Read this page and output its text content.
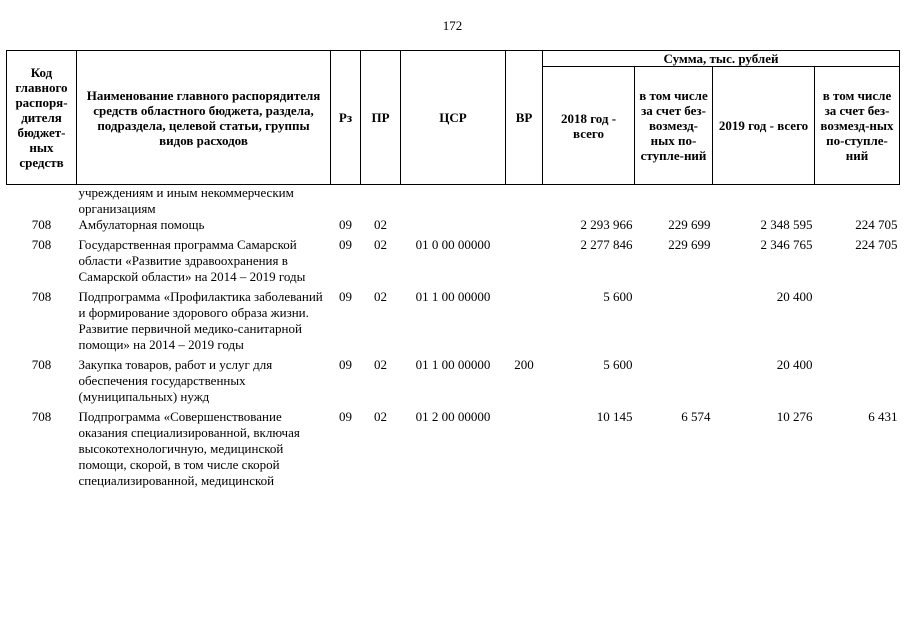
172
Код главного распоря-дителя бюджет-ных средств	Наименование главного распорядителя средств областного бюджета, раздела, подраздела, целевой статьи, группы видов расходов	Рз	ПР	ЦСР	ВР	Сумма, тыс. рублей			
						2018 год - всего	в том числе за счет без-возмезд-ных по-ступле-ний	2019 год - всего	в том числе за счет без-возмезд-ных по-ступле-ний
	учреждениям и иным некоммерческим организациям								
708	Амбулаторная помощь	09	02			2 293 966	229 699	2 348 595	224 705
708	Государственная программа Самарской области «Развитие здравоохранения в Самарской области» на 2014 – 2019 годы	09	02	01 0 00 00000		2 277 846	229 699	2 346 765	224 705
708	Подпрограмма «Профилактика заболеваний и формирование здорового образа жизни. Развитие первичной медико-санитарной помощи» на 2014 – 2019 годы	09	02	01 1 00 00000		5 600		20 400	
708	Закупка товаров, работ и услуг для обеспечения государственных (муниципальных) нужд	09	02	01 1 00 00000	200	5 600		20 400	
708	Подпрограмма «Совершенствование оказания специализированной, включая высокотехнологичную, медицинской помощи, скорой, в том числе скорой специализированной, медицинской	09	02	01 2 00 00000		10 145	6 574	10 276	6 431
